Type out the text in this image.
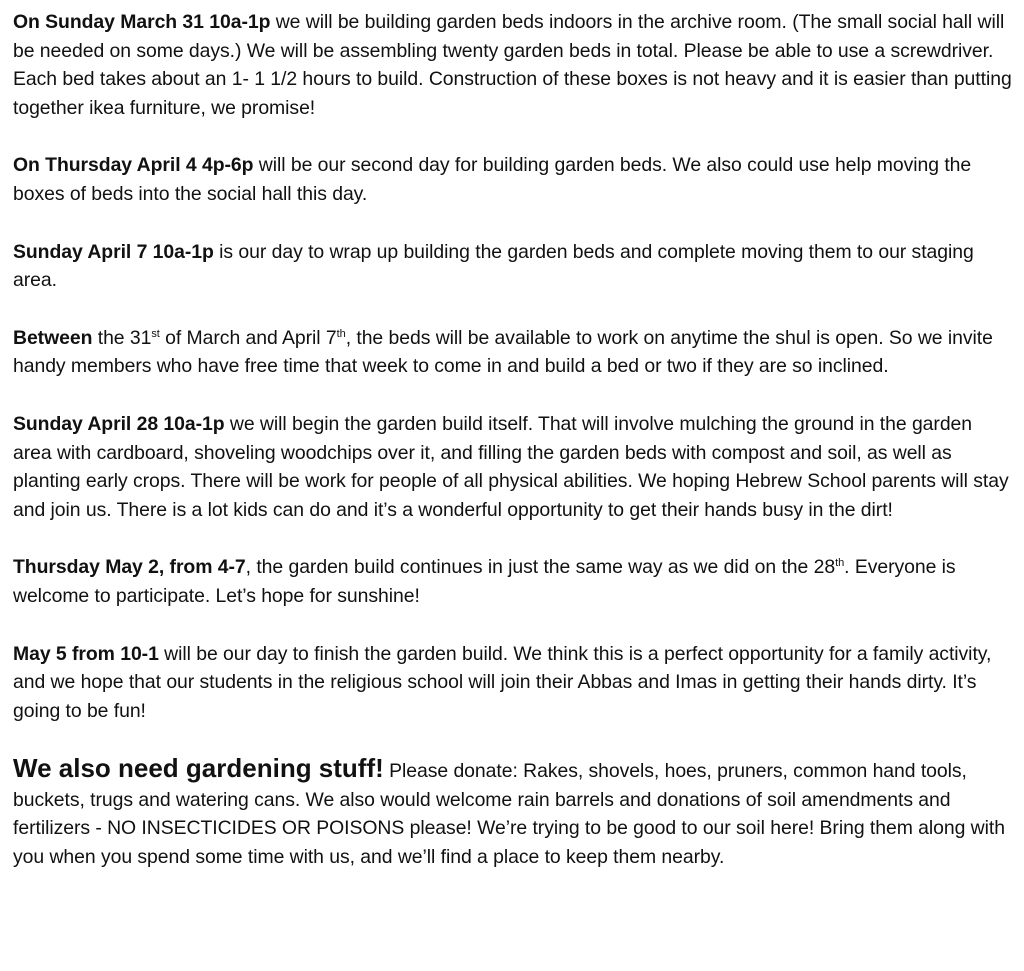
On Sunday March 31 10a-1p we will be building garden beds indoors in the archive room. (The small social hall will be needed on some days.) We will be assembling twenty garden beds in total. Please be able to use a screwdriver. Each bed takes about an 1- 1 1/2 hours to build. Construction of these boxes is not heavy and it is easier than putting together ikea furniture, we promise!

On Thursday April 4 4p-6p will be our second day for building garden beds. We also could use help moving the boxes of beds into the social hall this day.

Sunday April 7 10a-1p is our day to wrap up building the garden beds and complete moving them to our staging area.

Between the 31st of March and April 7th, the beds will be available to work on anytime the shul is open. So we invite handy members who have free time that week to come in and build a bed or two if they are so inclined.

Sunday April 28 10a-1p we will begin the garden build itself. That will involve mulching the ground in the garden area with cardboard, shoveling woodchips over it, and filling the garden beds with compost and soil, as well as planting early crops. There will be work for people of all physical abilities. We hoping Hebrew School parents will stay and join us. There is a lot kids can do and it’s a wonderful opportunity to get their hands busy in the dirt!

Thursday May 2, from 4-7, the garden build continues in just the same way as we did on the 28th. Everyone is welcome to participate. Let’s hope for sunshine!

May 5 from 10-1 will be our day to finish the garden build. We think this is a perfect opportunity for a family activity, and we hope that our students in the religious school will join their Abbas and Imas in getting their hands dirty. It’s going to be fun!

We also need gardening stuff! Please donate: Rakes, shovels, hoes, pruners, common hand tools, buckets, trugs and watering cans. We also would welcome rain barrels and donations of soil amendments and fertilizers - NO INSECTICIDES OR POISONS please! We’re trying to be good to our soil here! Bring them along with you when you spend some time with us, and we’ll find a place to keep them nearby.
